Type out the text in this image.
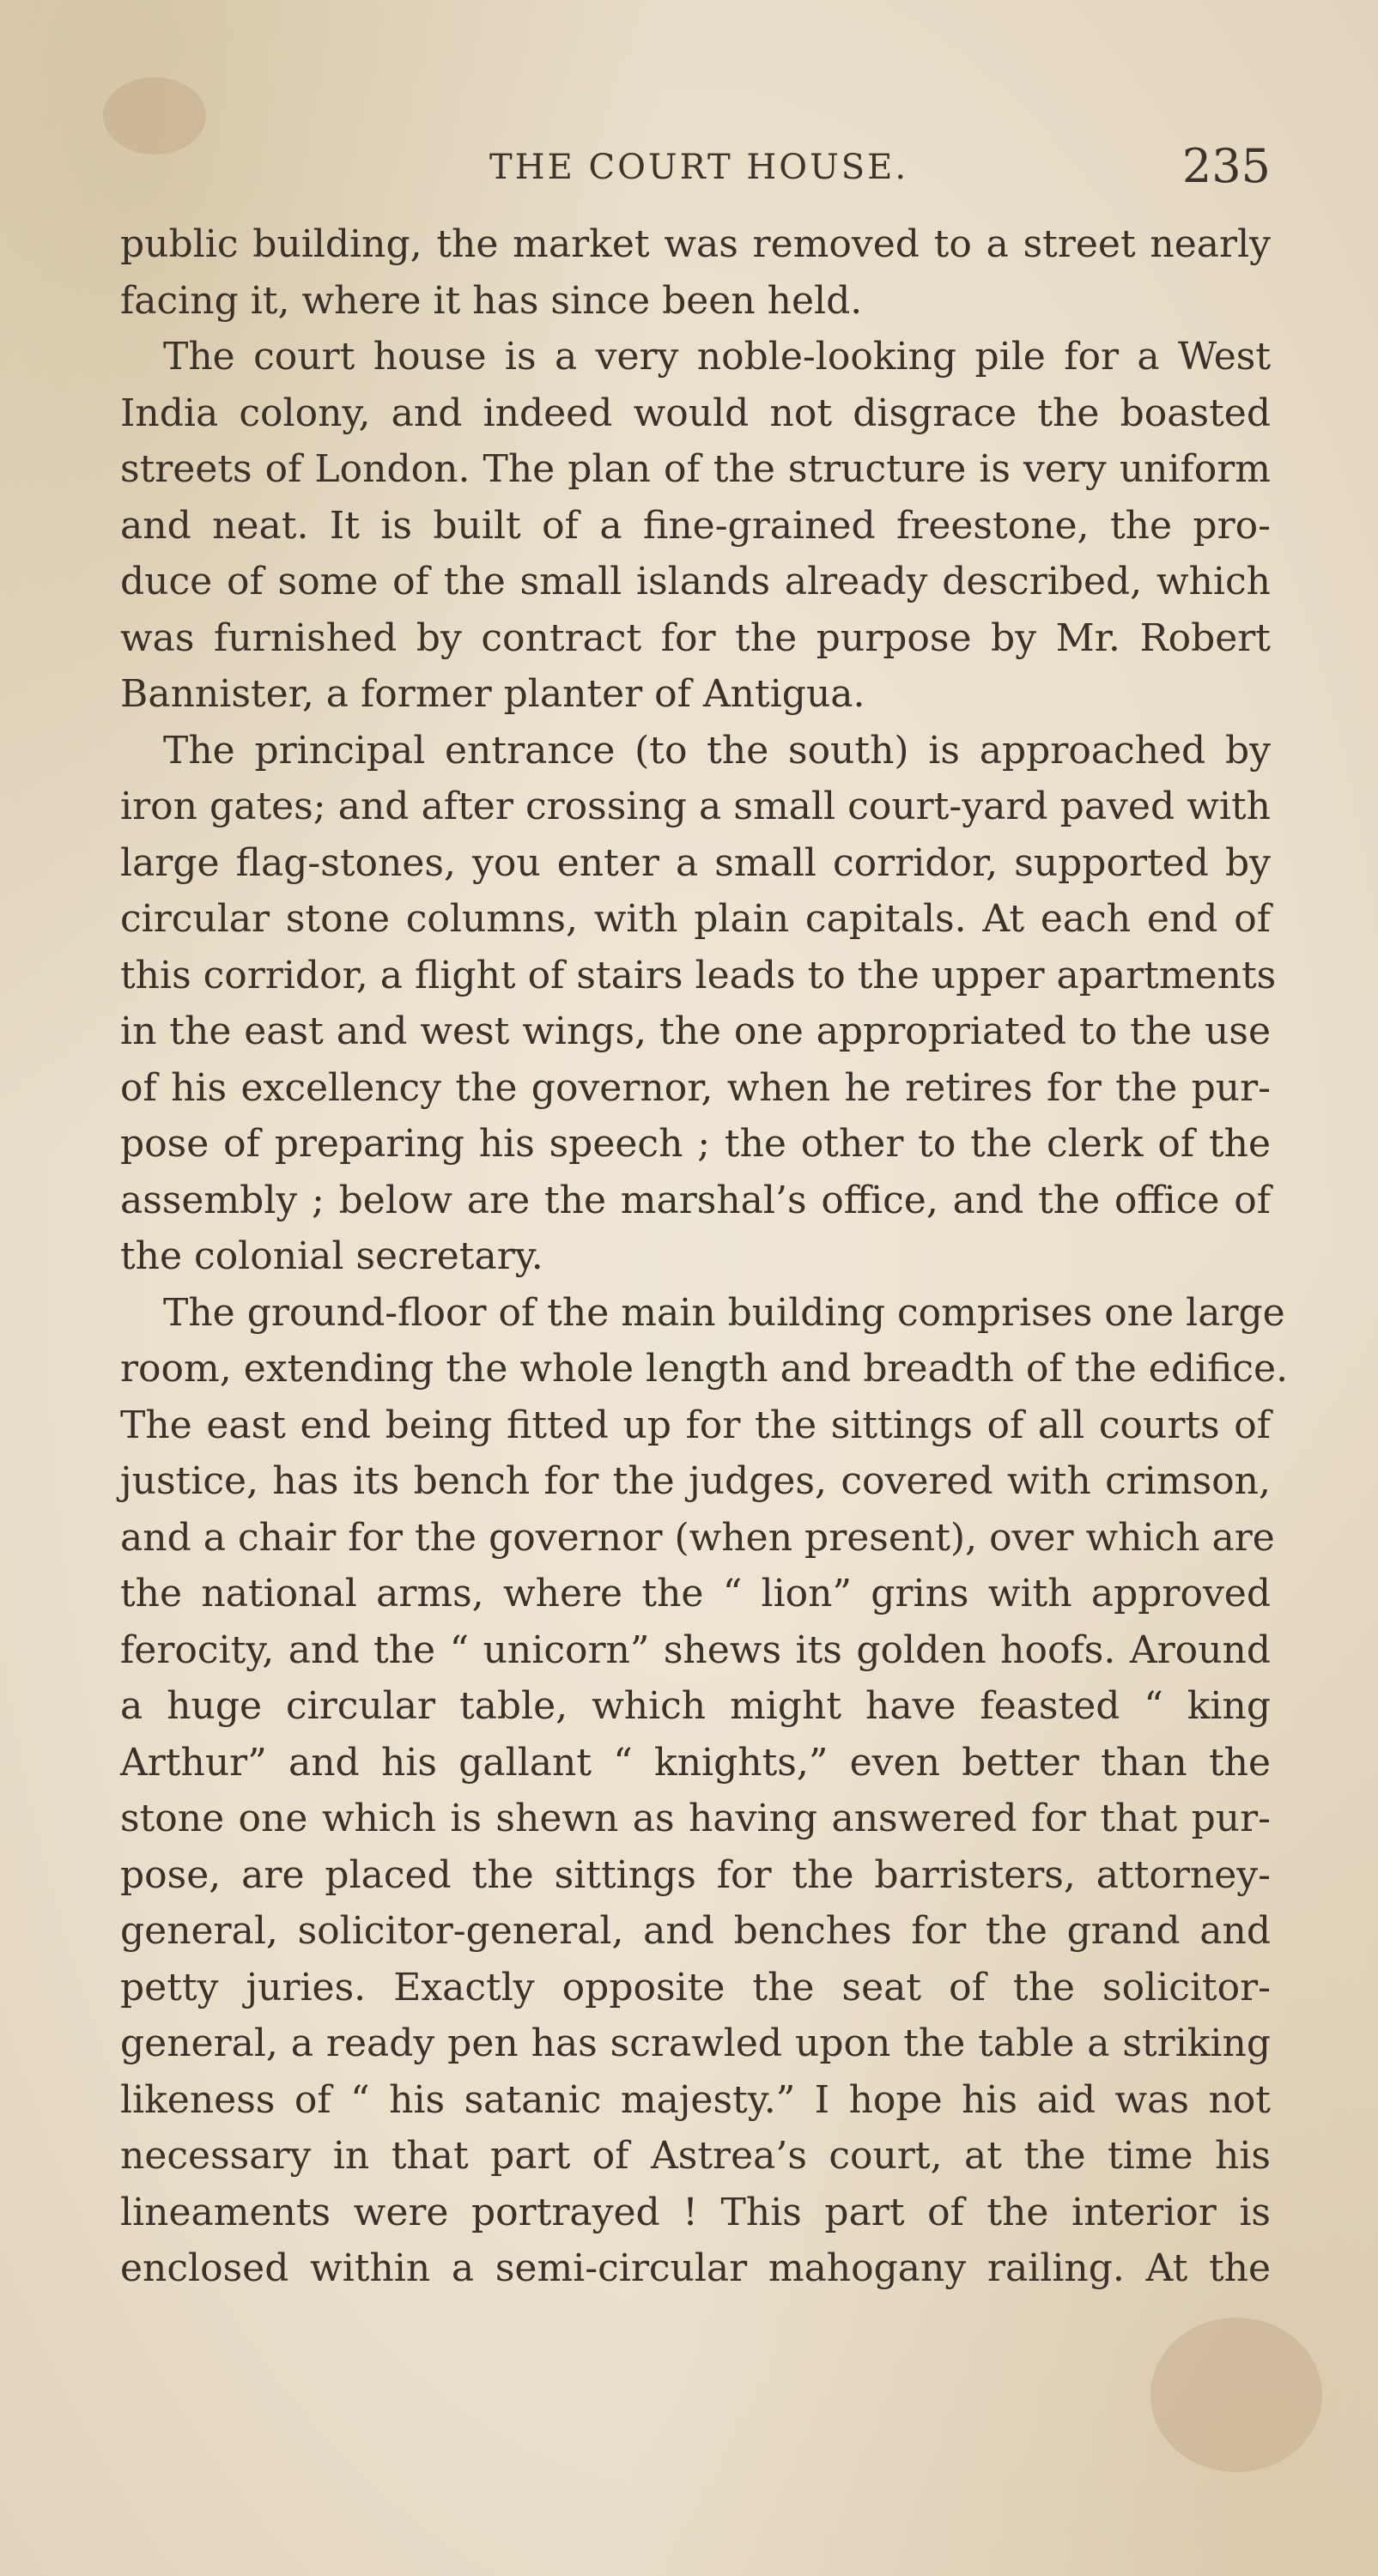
THE COURT HOUSE.	235
public building, the market was removed to a street nearly
facing it, where it has since been held.
The court house is a very noble-looking pile for a West
India colony, and indeed would not disgrace the boasted
streets of London. The plan of the structure is very uniform
and neat. It is built of a fine-grained freestone, the pro-
duce of some of the small islands already described, which
was furnished by contract for the purpose by Mr. Robert
Bannister, a former planter of Antigua.
The principal entrance (to the south) is approached by
iron gates; and after crossing a small court-yard paved with
large flag-stones, you enter a small corridor, supported by
circular stone columns, with plain capitals. At each end of
this corridor, a flight of stairs leads to the upper apartments
in the east and west wings, the one appropriated to the use
of his excellency the governor, when he retires for the pur-
pose of preparing his speech ; the other to the clerk of the
assembly ; below are the marshal’s office, and the office of
the colonial secretary.
The ground-floor of the main building comprises one large
room, extending the whole length and breadth of the edifice.
The east end being fitted up for the sittings of all courts of
justice, has its bench for the judges, covered with crimson,
and a chair for the governor (when present), over which are
the national arms, where the “ lion” grins with approved
ferocity, and the “ unicorn” shews its golden hoofs. Around
a huge circular table, which might have feasted “ king
Arthur” and his gallant “ knights,” even better than the
stone one which is shewn as having answered for that pur-
pose, are placed the sittings for the barristers, attorney-
general, solicitor-general, and benches for the grand and
petty juries. Exactly opposite the seat of the solicitor-
general, a ready pen has scrawled upon the table a striking
likeness of “ his satanic majesty.” I hope his aid was not
necessary in that part of Astrea’s court, at the time his
lineaments were portrayed ! This part of the interior is
enclosed within a semi-circular mahogany railing. At the
